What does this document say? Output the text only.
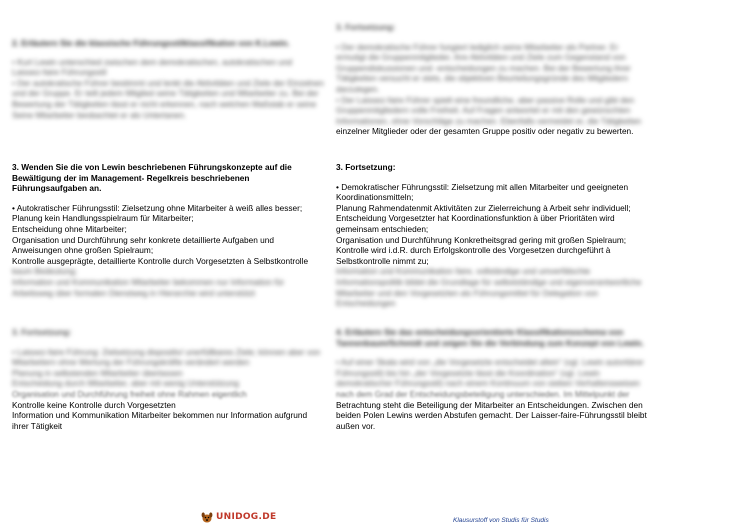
2. Erläutern Sie die klassische Führungsstilklassifikation von K.Lewin.
• Kurt Lewin unterschied zwischen dem demokratischen, autokratischen und
Laissez-faire Führungsstil
• Der autokratische Führer bestimmt und lenkt die Aktivitäten und Ziele der Einzelnen
und der Gruppe. Er teilt jedem Mitglied seine Tätigkeiten und Mitarbeiter zu. Bei der
Bewertung der Tätigkeiten lässt er nicht erkennen, nach welchen Maßstab er seine
Seine Mitarbeiter beobachtet er als Untertanen.
3. Wenden Sie die von Lewin beschriebenen Führungskonzepte auf die
Bewältigung der im Management- Regelkreis beschriebenen
Führungsaufgaben an.
• Autokratischer Führungsstil: Zielsetzung ohne Mitarbeiter à weiß alles besser;
Planung kein Handlungsspielraum für Mitarbeiter;
Entscheidung ohne Mitarbeiter;
Organisation und Durchführung sehr konkrete detaillierte Aufgaben und
Anweisungen ohne großen Spielraum;
Kontrolle ausgeprägte, detaillierte Kontrolle durch Vorgesetzten à Selbstkontrolle
kaum Bedeutung;
Information und Kommunikation Mitarbeiter bekommen nur Information für
Arbeitsweg über formalen Dienstweg in Hierarchie wird unterstützt
3. Fortsetzung:
• Laissez-faire Führung: Zielsetzung dispositiv/ unerfüllbares Ziele; können aber von
Mitarbeitern ohne Wertung der Führungskräfte verändert werden
Planung in selbstenden Mitarbeiter überlassen
Entscheidung durch Mitarbeiter, aber mit wenig Unterstützung
Organisation und Durchführung freiheit ohne Rahmen eigentlich
Kontrolle keine Kontrolle durch Vorgesetzten
Information und Kommunikation Mitarbeiter bekommen nur Information aufgrund
ihrer Tätigkeit
3. Fortsetzung:
• Der demokratische Führer fungiert lediglich seine Mitarbeiter als Partner. Er
ermutigt die Gruppenmitglieder, ihre Aktivitäten und Ziele zum Gegenstand von
Gruppendiskussionen und -entscheidungen zu machen. Bei der Bewertung ihrer
Tätigkeiten versucht er stets, die objektiven Beurteilungsgründe des Mitgliedern
darzulegen.
• Der Laissez-faire Führer spielt eine freundliche, aber passive Rolle und gibt den
Gruppenmitgliedern volle Freiheit. Auf Fragen antwortet er mit den gewünschten
Informationen, ohne Vorschläge zu machen. Ebenfalls vermeidet er, die Tätigkeiten
einzelner Mitglieder oder der gesamten Gruppe positiv oder negativ zu bewerten.
3. Fortsetzung:
• Demokratischer Führungsstil: Zielsetzung mit allen Mitarbeiter und geeigneten
Koordinationsmitteln;
Planung Rahmendatenmit Aktivitäten zur Zielerreichung à Arbeit sehr individuell;
Entscheidung Vorgesetzter hat Koordinationsfunktion à über Prioritäten wird
gemeinsam entschieden;
Organisation und Durchführung Konkretheitsgrad gering mit großen Spielraum;
Kontrolle wird i.d.R. durch Erfolgskontrolle des Vorgesetzen durchgeführt à
Selbstkontrolle nimmt zu;
Information und Kommunikation faire, vollständige und umverfälschte
Informationspolitik bildet die Grundlage für selbstständige und eigenverantwortliche
Mitarbeiter und den Vorgesetzten als Führungsmittel für Delegation von
Entscheidungen
4. Erläutern Sie das entscheidungsorientierte Klassifikationsschema von
Tannenbaum/Schmidt und zeigen Sie die Verbindung zum Konzept von Lewin.
• Auf einer Skala wird von „die Vorgesetzte entscheidet allein“ (vgl. Lewin autoritärer
Führungsstil) bis hin „der Vorgesetzte lässt die Koordination“ (vgl. Lewin
demokratischer Führungsstil) nach einem Kontinuum von sieben Verhaltensweisen
nach dem Grad der Entscheidungsbeteiligung unterschieden. Im Mittelpunkt der
Betrachtung steht die Beteiligung der Mitarbeiter an Entscheidungen. Zwischen den
beiden Polen Lewins werden Abstufen gemacht. Der Laisser-faire-Führungsstil bleibt
außen vor.
UNIDOG.DE	Klausurstoff von Studis für Studis
